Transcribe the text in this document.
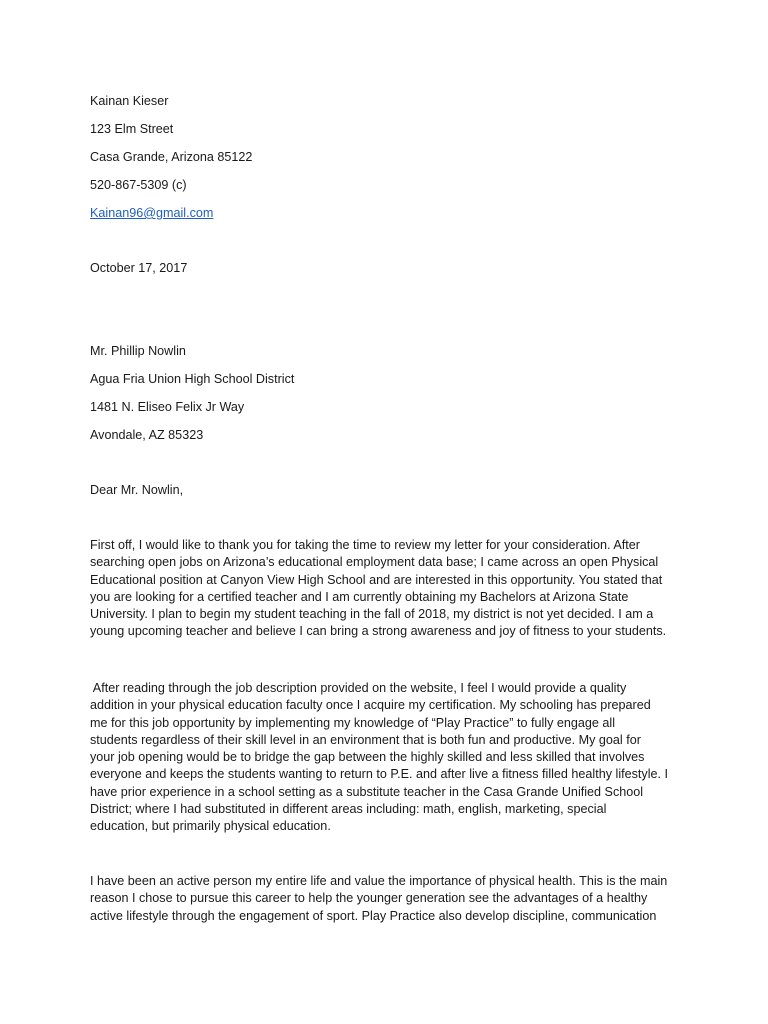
Kainan Kieser
123 Elm Street
Casa Grande, Arizona 85122
520-867-5309 (c)
Kainan96@gmail.com
October 17, 2017
Mr. Phillip Nowlin
Agua Fria Union High School District
1481 N. Eliseo Felix Jr Way
Avondale, AZ 85323
Dear Mr. Nowlin,
First off, I would like to thank you for taking the time to review my letter for your consideration. After
searching open jobs on Arizona’s educational employment data base; I came across an open Physical
Educational position at Canyon View High School and are interested in this opportunity. You stated that
you are looking for a certified teacher and I am currently obtaining my Bachelors at Arizona State
University. I plan to begin my student teaching in the fall of 2018, my district is not yet decided. I am a
young upcoming teacher and believe I can bring a strong awareness and joy of fitness to your students.
After reading through the job description provided on the website, I feel I would provide a quality
addition in your physical education faculty once I acquire my certification. My schooling has prepared
me for this job opportunity by implementing my knowledge of “Play Practice” to fully engage all
students regardless of their skill level in an environment that is both fun and productive. My goal for
your job opening would be to bridge the gap between the highly skilled and less skilled that involves
everyone and keeps the students wanting to return to P.E. and after live a fitness filled healthy lifestyle. I
have prior experience in a school setting as a substitute teacher in the Casa Grande Unified School
District; where I had substituted in different areas including: math, english, marketing, special
education, but primarily physical education.
I have been an active person my entire life and value the importance of physical health. This is the main
reason I chose to pursue this career to help the younger generation see the advantages of a healthy
active lifestyle through the engagement of sport. Play Practice also develop discipline, communication
